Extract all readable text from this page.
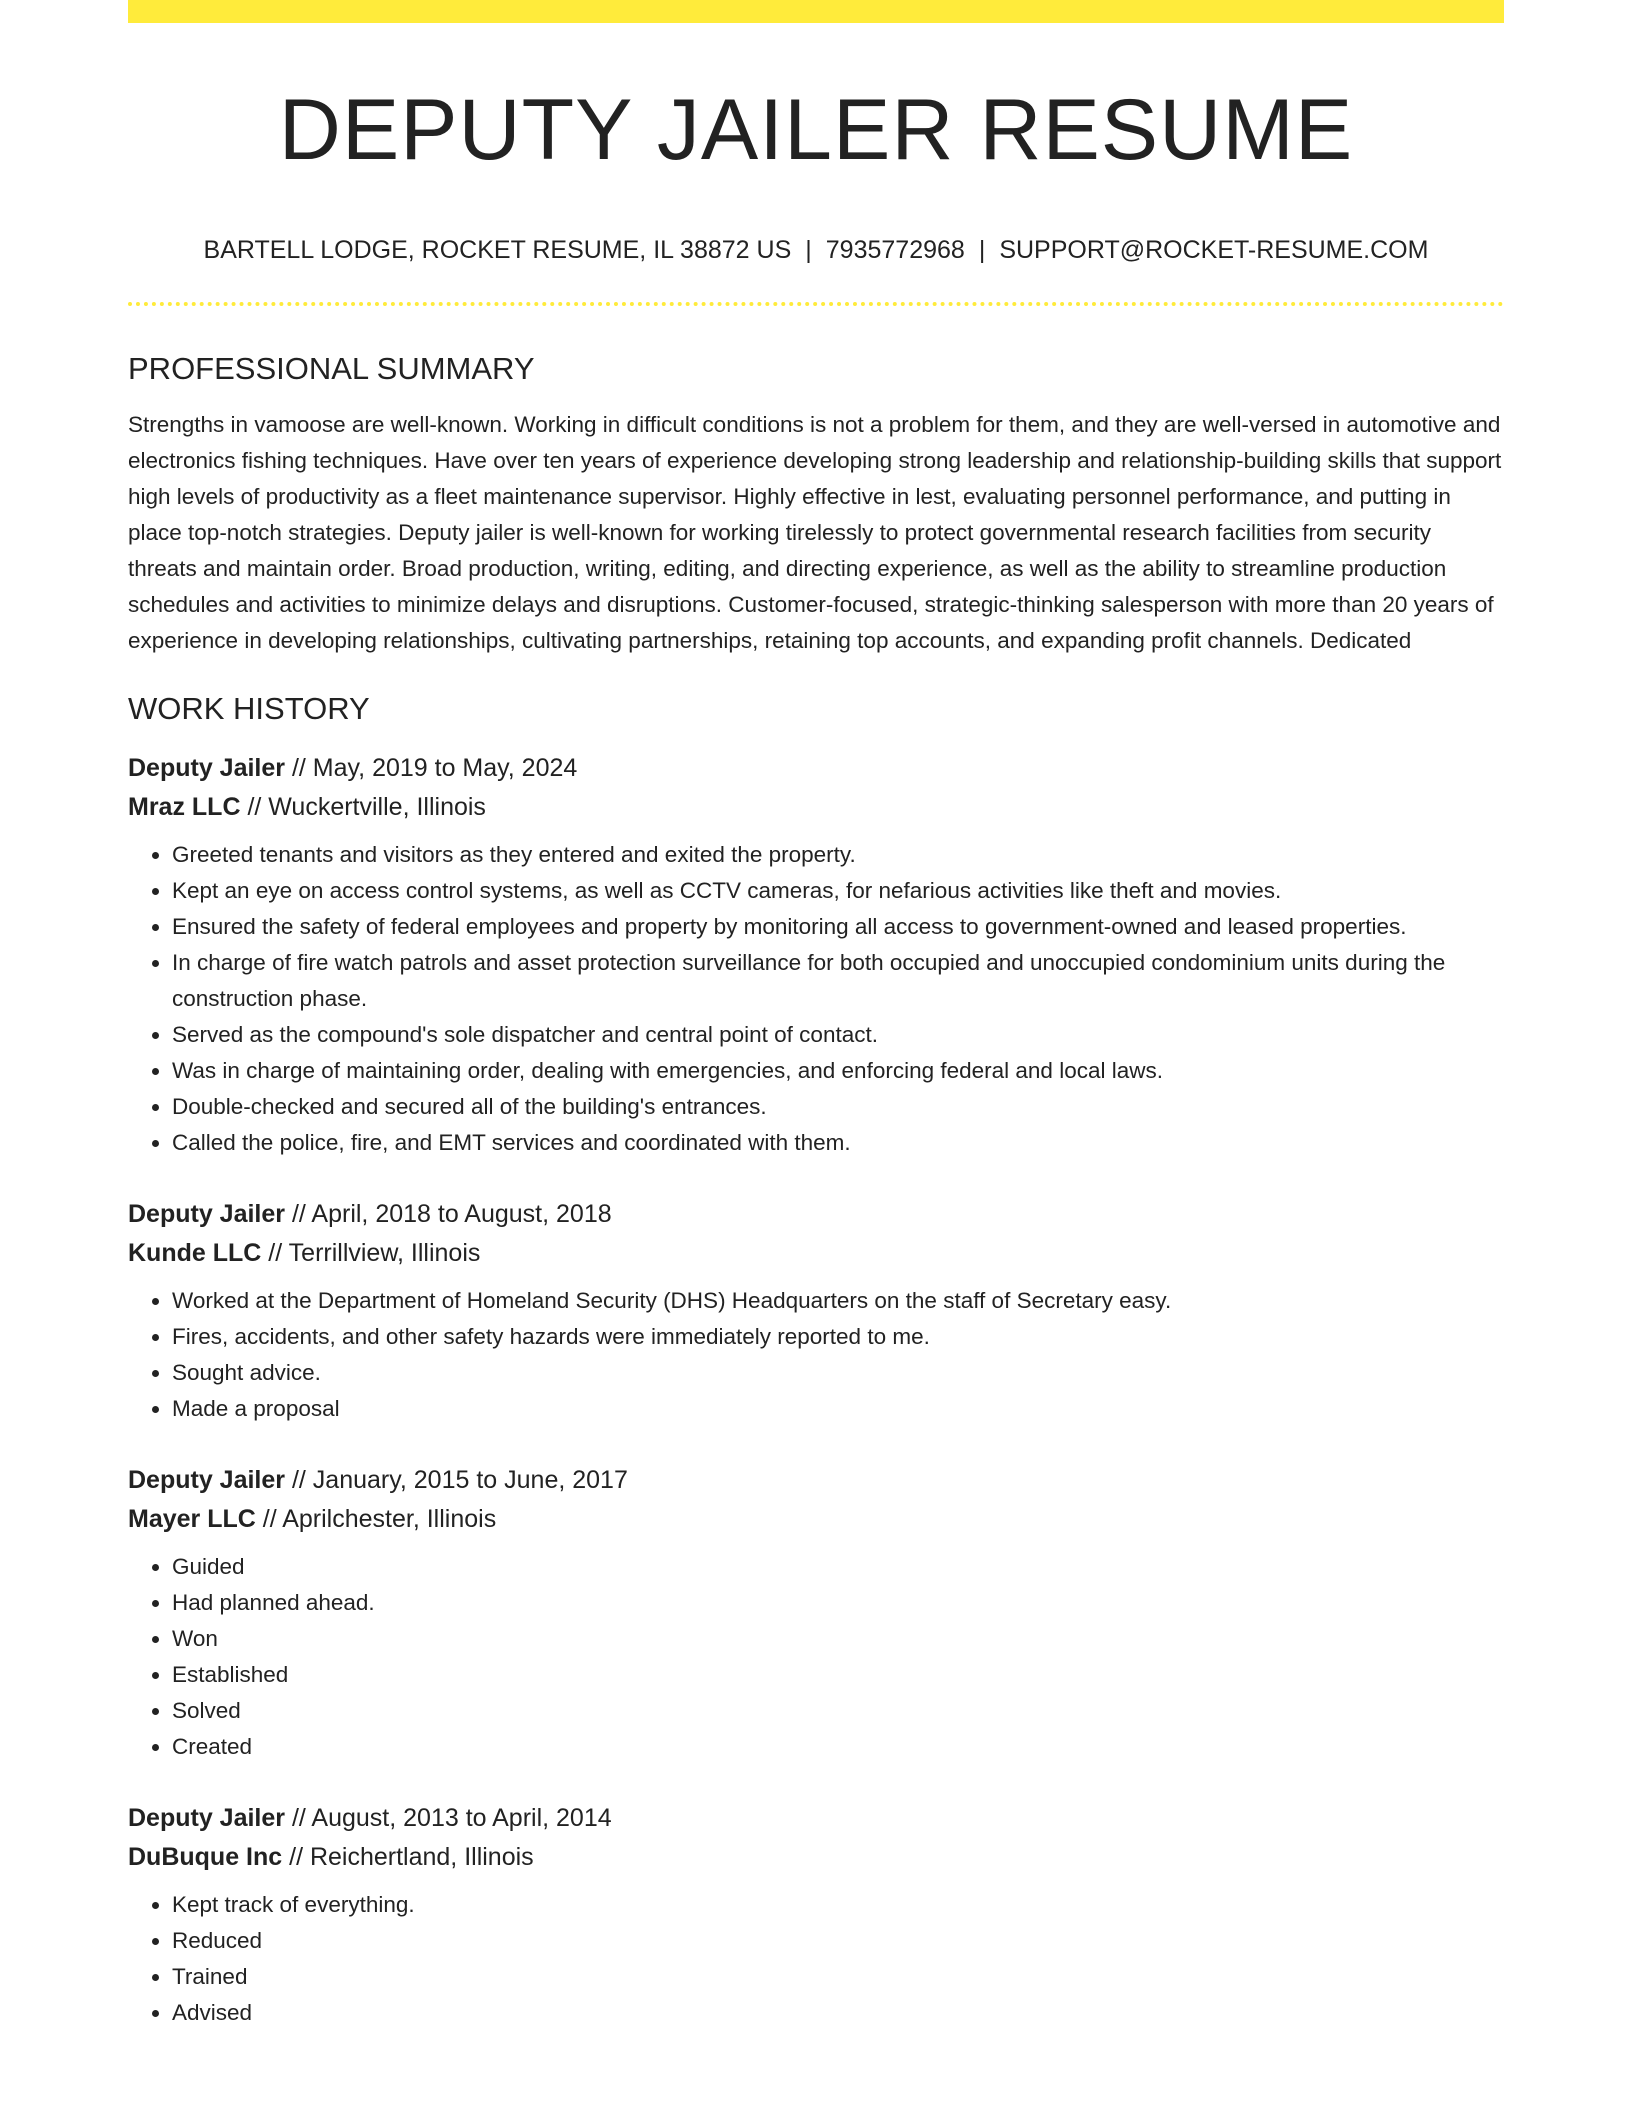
DEPUTY JAILER RESUME
BARTELL LODGE, ROCKET RESUME, IL 38872 US | 7935772968 | SUPPORT@ROCKET-RESUME.COM
PROFESSIONAL SUMMARY

Strengths in vamoose are well-known. Working in difficult conditions is not a problem for them, and they are well-versed in automotive and electronics fishing techniques. Have over ten years of experience developing strong leadership and relationship-building skills that support high levels of productivity as a fleet maintenance supervisor. Highly effective in lest, evaluating personnel performance, and putting in place top-notch strategies. Deputy jailer is well-known for working tirelessly to protect governmental research facilities from security threats and maintain order. Broad production, writing, editing, and directing experience, as well as the ability to streamline production schedules and activities to minimize delays and disruptions. Customer-focused, strategic-thinking salesperson with more than 20 years of experience in developing relationships, cultivating partnerships, retaining top accounts, and expanding profit channels. Dedicated

WORK HISTORY
Deputy Jailer // May, 2019 to May, 2024
Mraz LLC // Wuckertville, Illinois
• Greeted tenants and visitors as they entered and exited the property.
• Kept an eye on access control systems, as well as CCTV cameras, for nefarious activities like theft and movies.
• Ensured the safety of federal employees and property by monitoring all access to government-owned and leased properties.
• In charge of fire watch patrols and asset protection surveillance for both occupied and unoccupied condominium units during the construction phase.
• Served as the compound's sole dispatcher and central point of contact.
• Was in charge of maintaining order, dealing with emergencies, and enforcing federal and local laws.
• Double-checked and secured all of the building's entrances.
• Called the police, fire, and EMT services and coordinated with them.
Deputy Jailer // April, 2018 to August, 2018
Kunde LLC // Terrillview, Illinois
• Worked at the Department of Homeland Security (DHS) Headquarters on the staff of Secretary easy.
• Fires, accidents, and other safety hazards were immediately reported to me.
• Sought advice.
• Made a proposal
Deputy Jailer // January, 2015 to June, 2017
Mayer LLC // Aprilchester, Illinois
• Guided
• Had planned ahead.
• Won
• Established
• Solved
• Created
Deputy Jailer // August, 2013 to April, 2014
DuBuque Inc // Reichertland, Illinois
• Kept track of everything.
• Reduced
• Trained
• Advised
